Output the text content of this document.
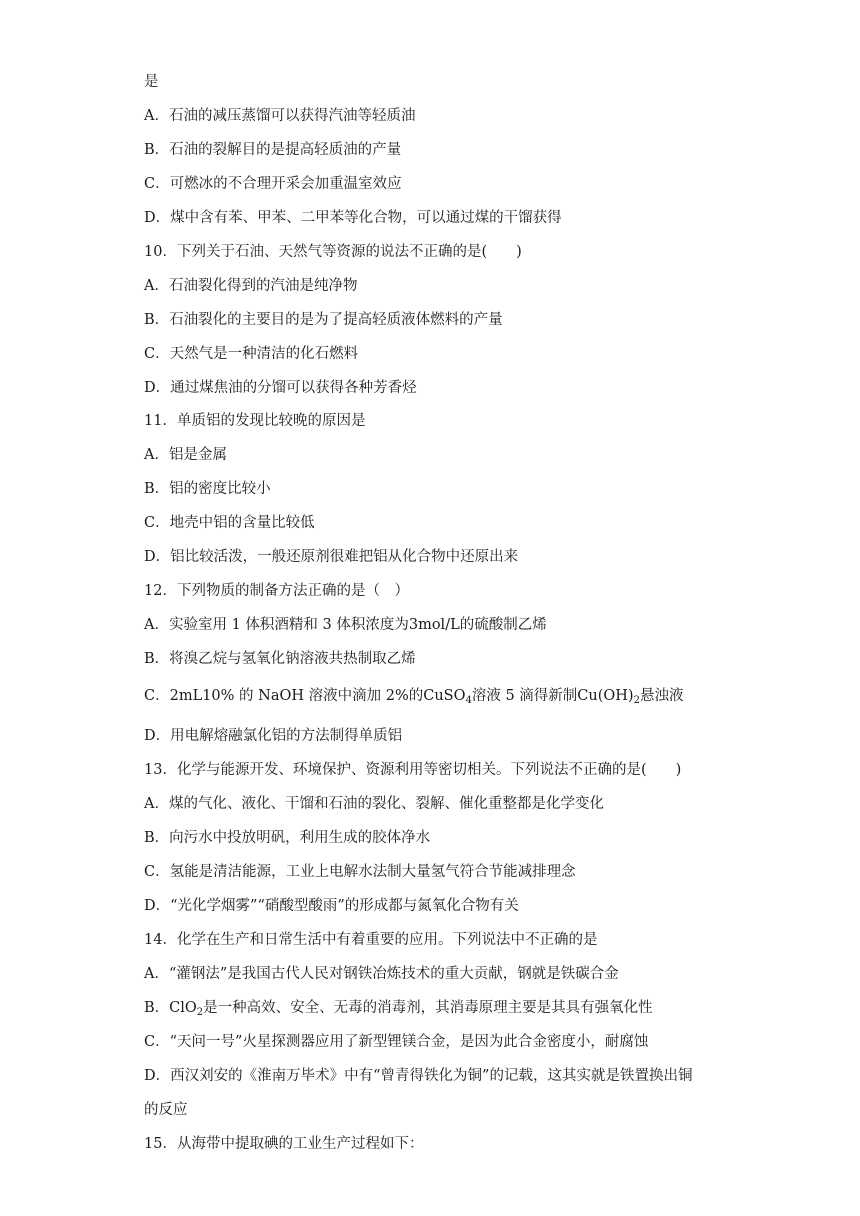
是
A．石油的减压蒸馏可以获得汽油等轻质油
B．石油的裂解目的是提高轻质油的产量
C．可燃冰的不合理开采会加重温室效应
D．煤中含有苯、甲苯、二甲苯等化合物，可以通过煤的干馏获得
10．下列关于石油、天然气等资源的说法不正确的是(　　)
A．石油裂化得到的汽油是纯净物
B．石油裂化的主要目的是为了提高轻质液体燃料的产量
C．天然气是一种清洁的化石燃料
D．通过煤焦油的分馏可以获得各种芳香烃
11．单质铝的发现比较晚的原因是
A．铝是金属
B．铝的密度比较小
C．地壳中铝的含量比较低
D．铝比较活泼，一般还原剂很难把铝从化合物中还原出来
12．下列物质的制备方法正确的是（　）
A．实验室用 1 体积酒精和 3 体积浓度为3mol/L的硫酸制乙烯
B．将溴乙烷与氢氧化钠溶液共热制取乙烯
C．2mL10% 的 NaOH 溶液中滴加 2%的CuSO$_4$溶液 5 滴得新制$Cu(OH)_2$悬浊液
D．用电解熔融氯化铝的方法制得单质铝
13．化学与能源开发、环境保护、资源利用等密切相关。下列说法不正确的是(　　)
A．煤的气化、液化、干馏和石油的裂化、裂解、催化重整都是化学变化
B．向污水中投放明矾，利用生成的胶体净水
C．氢能是清洁能源，工业上电解水法制大量氢气符合节能减排理念
D．“光化学烟雾”“硝酸型酸雨”的形成都与氮氧化合物有关
14．化学在生产和日常生活中有着重要的应用。下列说法中不正确的是
A．“灌钢法”是我国古代人民对钢铁冶炼技术的重大贡献，钢就是铁碳合金
B．ClO$_2$是一种高效、安全、无毒的消毒剂，其消毒原理主要是其具有强氧化性
C．“天问一号”火星探测器应用了新型锂镁合金，是因为此合金密度小，耐腐蚀
D．西汉刘安的《淮南万毕术》中有“曾青得铁化为铜”的记载，这其实就是铁置换出铜
的反应
15．从海带中提取碘的工业生产过程如下：
